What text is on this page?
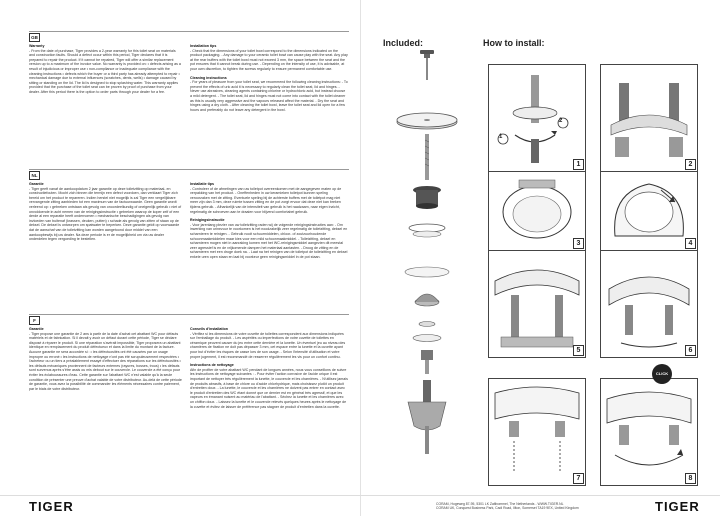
GB

Warranty

- From the date of purchase, Tiger provides a 2-year warranty for this toilet seat on materials and construction faults. Should a defect occur within this period, Tiger declares that it is prepared to repair the product. If it cannot be repaired, Tiger will offer a similar replacement version up to a maximum of the invoice value. No warranty is provided on: • defects arising as a result of injudicious or improper use • non-compliance or inadequate compliance with the cleaning instructions • defects which the buyer or a third party has already attempted to repair • mechanical damage due to external influences (scratches, dents, wells) • damage caused by sitting or standing on the lid. The lid is designed to stop splashing water. This warranty applies provided that the purchase of the toilet seat can be proven by proof of purchase from your dealer. After this period there is the option to order parts through your dealer for a fee.

Installation tips

- Check that the dimensions of your toilet bowl correspond to the dimensions indicated on the product packaging. - Any damage to your ceramic toilet bowl can cause play with the seat. Any play at the rear buffers with the toilet bowl must not exceed 3 mm, the space between the seat and the pot ensures that it cannot break during use. - Depending on the intensity of use, it is advisable, at your own discretion, to tighten the screws regularly to ensure permanent comfortable use.

Cleaning instructions

- For years of pleasure from your toilet seat, we recommend the following cleaning instructions: - To prevent the effects of uric acid it is necessary to regularly clean the toilet seat, lid and hinges. - Never use abrasives, cleaning agents containing chlorine or hydrochloric acid, but instead choose a mild detergent. - The toilet seat, lid and hinges must not come into contact with the toilet cleaner as this is usually very aggressive and the vapours released affect the material. - Dry the seat and hinges using a dry cloth. - After cleaning the toilet bowl, leave the toilet seat and lid open for a few hours and preferably do not leave any detergent in the bowl.

NL

Garantie

- Tiger geeft vanaf de aankoopdatum 2 jaar garantie op deze toiletzitting op materiaal- en constructiefouten. Mocht zich binnen die termijn een defect voordoen, dan verklaart Tiger zich bereid om het product te repareren. Indien herstel niet mogelijk is zal Tiger een vergelijkbare vervangende zitting aanbieden tot een maximum van de factuurwaarde. Geen garantie wordt verleend op: • gebreken ontstaan als gevolg van onoordeelkundig of oneigenlijk gebruik • niet of onvoldoende in acht nemen van de reinigingsinstructie • gebreken waarop de koper zelf of een derde al een reparatie heeft ondernomen • mechanische beschadigingen als gevolg van invloeden van buitenaf (krassen, deuken, putten) • schade als gevolg van zitten of staan op de deksel. De deksel is ontworpen om spatwater te beperken. Deze garantie geldt op voorwaarde dat de aanschaf van de toiletzitting kan worden aangetoond door middel van een aankoopbewijs bij uw dealer. Na deze periode is er de mogelijkheid om via uw dealer onderdelen tegen vergoeding te bestellen.

Installatie tips

- Controleer of de afmetingen van uw toiletpot overeenkomen met de aangegeven maten op de verpakking van het product. - Oneffenheden in uw keramieken toiletpot kunnen speling veroorzaken met de zitting. Eventuele speling bij de achterste buffers met de toiletpot mag niet meer zijn dan 3 mm, deze ruimte tussen zitting en de pot zorgt ervoor dat deze niet kan breken tijdens gebruik. - Afhankelijk van de intensiteit van gebruik is het raadzaam, naar eigen inzicht, regelmatig de schroeven aan te draaien voor blijvend comfortabel gebruik.

Reinigingsinstructie

- Voor jarenlang plezier van uw toiletzitting raden wij de volgende reinigingsinstructies aan: - Om inwerking van urinezuur te voorkomen is het noodzakelijk zeer regelmatig de toiletzitting, deksel en scharnieren te reinigen. - Gebruik nooit schuurmiddelen, chloor- of zoutzuurhoudende schoonmaakmiddelen maar kies voor een mild schoonmaakmiddel. - Toiletzitting, deksel en scharnieren mogen niet in aanraking komen met het WC-reinigingsmiddel aangezien dit meestal zeer agressief is en de vrijkomende dampen het materiaal aantasten. - Droog de zitting en de scharnieren met een droge doek na. - Laat na het reinigen van de toiletpot de toiletzitting en deksel enkele uren open staan en laat bij voorkeur geen reinigingsmiddel in de pot staan.

F

Garantie

- Tiger propose une garantie de 2 ans à partir de la date d'achat cet abattant WC pour défauts matériels et de fabrication. Si il devait y avoir un défaut durant cette période, Tiger se déclare disposé à réparer le produit. Si une réparation s'avérait impossible, Tiger proposera un abattant identique en remplacement du produit défectueux et dans la limite du montant de la facture. Aucune garantie ne sera accordée si : • les défectuosités ont été causées par un usage impropre ou erroné • les instructions de nettoyage n'ont pas été scrupuleusement respectées • l'acheteur ou un tiers a préalablement essayé d'effectuer des réparations sur les défectuosités • les défauts mécaniques proviennent de facteurs externes (rayures, bosses, trous) • les défauts sont survenus après s'être assis ou mis debout sur le couvercle. Le couvercle a été conçu pour éviter les éclaboussures d'eau. Cette garantie sur l'abattant WC n'est valable qu'à la seule condition de présenter une preuve d'achat valable de votre distributeur. Au-delà de cette période de garantie, vous avez la possibilité de commander les éléments nécessaires contre paiement, par le biais de votre distributeur.

Conseils d'installation

- Vérifiez si les dimensions de votre cuvette de toilettes correspondent aux dimensions indiquées sur l'emballage du produit. - Les aspérités ou imperfections de votre cuvette de toilettes en céramique peuvent causer du jeu entre cette dernière et la lunette. Un éventuel jeu au niveau des charnières de fixation ne doit pas dépasser 3 mm, cet espace entre la lunette et la cuvette ayant pour but d'éviter les risques de casse lors de son usage. - Selon l'intensité d'utilisation et votre propre jugement, il est recommandé de resserrer régulièrement les vis pour un confort continu.

Instructions de nettoyage

Afin de profiter de votre abattant WC pendant de longues années, nous vous conseillons de suivre les instructions de nettoyage suivantes : - Pour éviter l'action corrosive de l'acide urique il est important de nettoyer très régulièrement la lunette, le couvercle et les charnières. - N'utilisez jamais de produits abrasifs, à base de chlore ou d'acide chlorhydrique, mais choisissez plutôt un produit d'entretien doux. - La lunette, le couvercle et les charnières ne doivent pas entrer en contact avec le produit d'entretien des WC étant donné que ce dernier est en général très agressif, et que les vapeurs en émanant nuisent au matériau de l'abattant. - Séchez la lunette et les charnières avec un chiffon doux. - Laissez la lunette et le couvercle relevés quelques heures après le nettoyage de la cuvette et évitez de laisser de préférence pas stagner de produit d'entretien dans la cuvette.

TIGER
Included:	How to install:
1
2
1	2
3	4
5	6
7	8
CLICK
CORAM, Hogeweg 87-95, 5301 LK Zaltbommel, The Netherlands - WWW.TIGER.NL
CORAM UK, Conquest Business Park, Cadi Road, Illton, Somerset TA19 9EX, United Kingdom	TIGER
